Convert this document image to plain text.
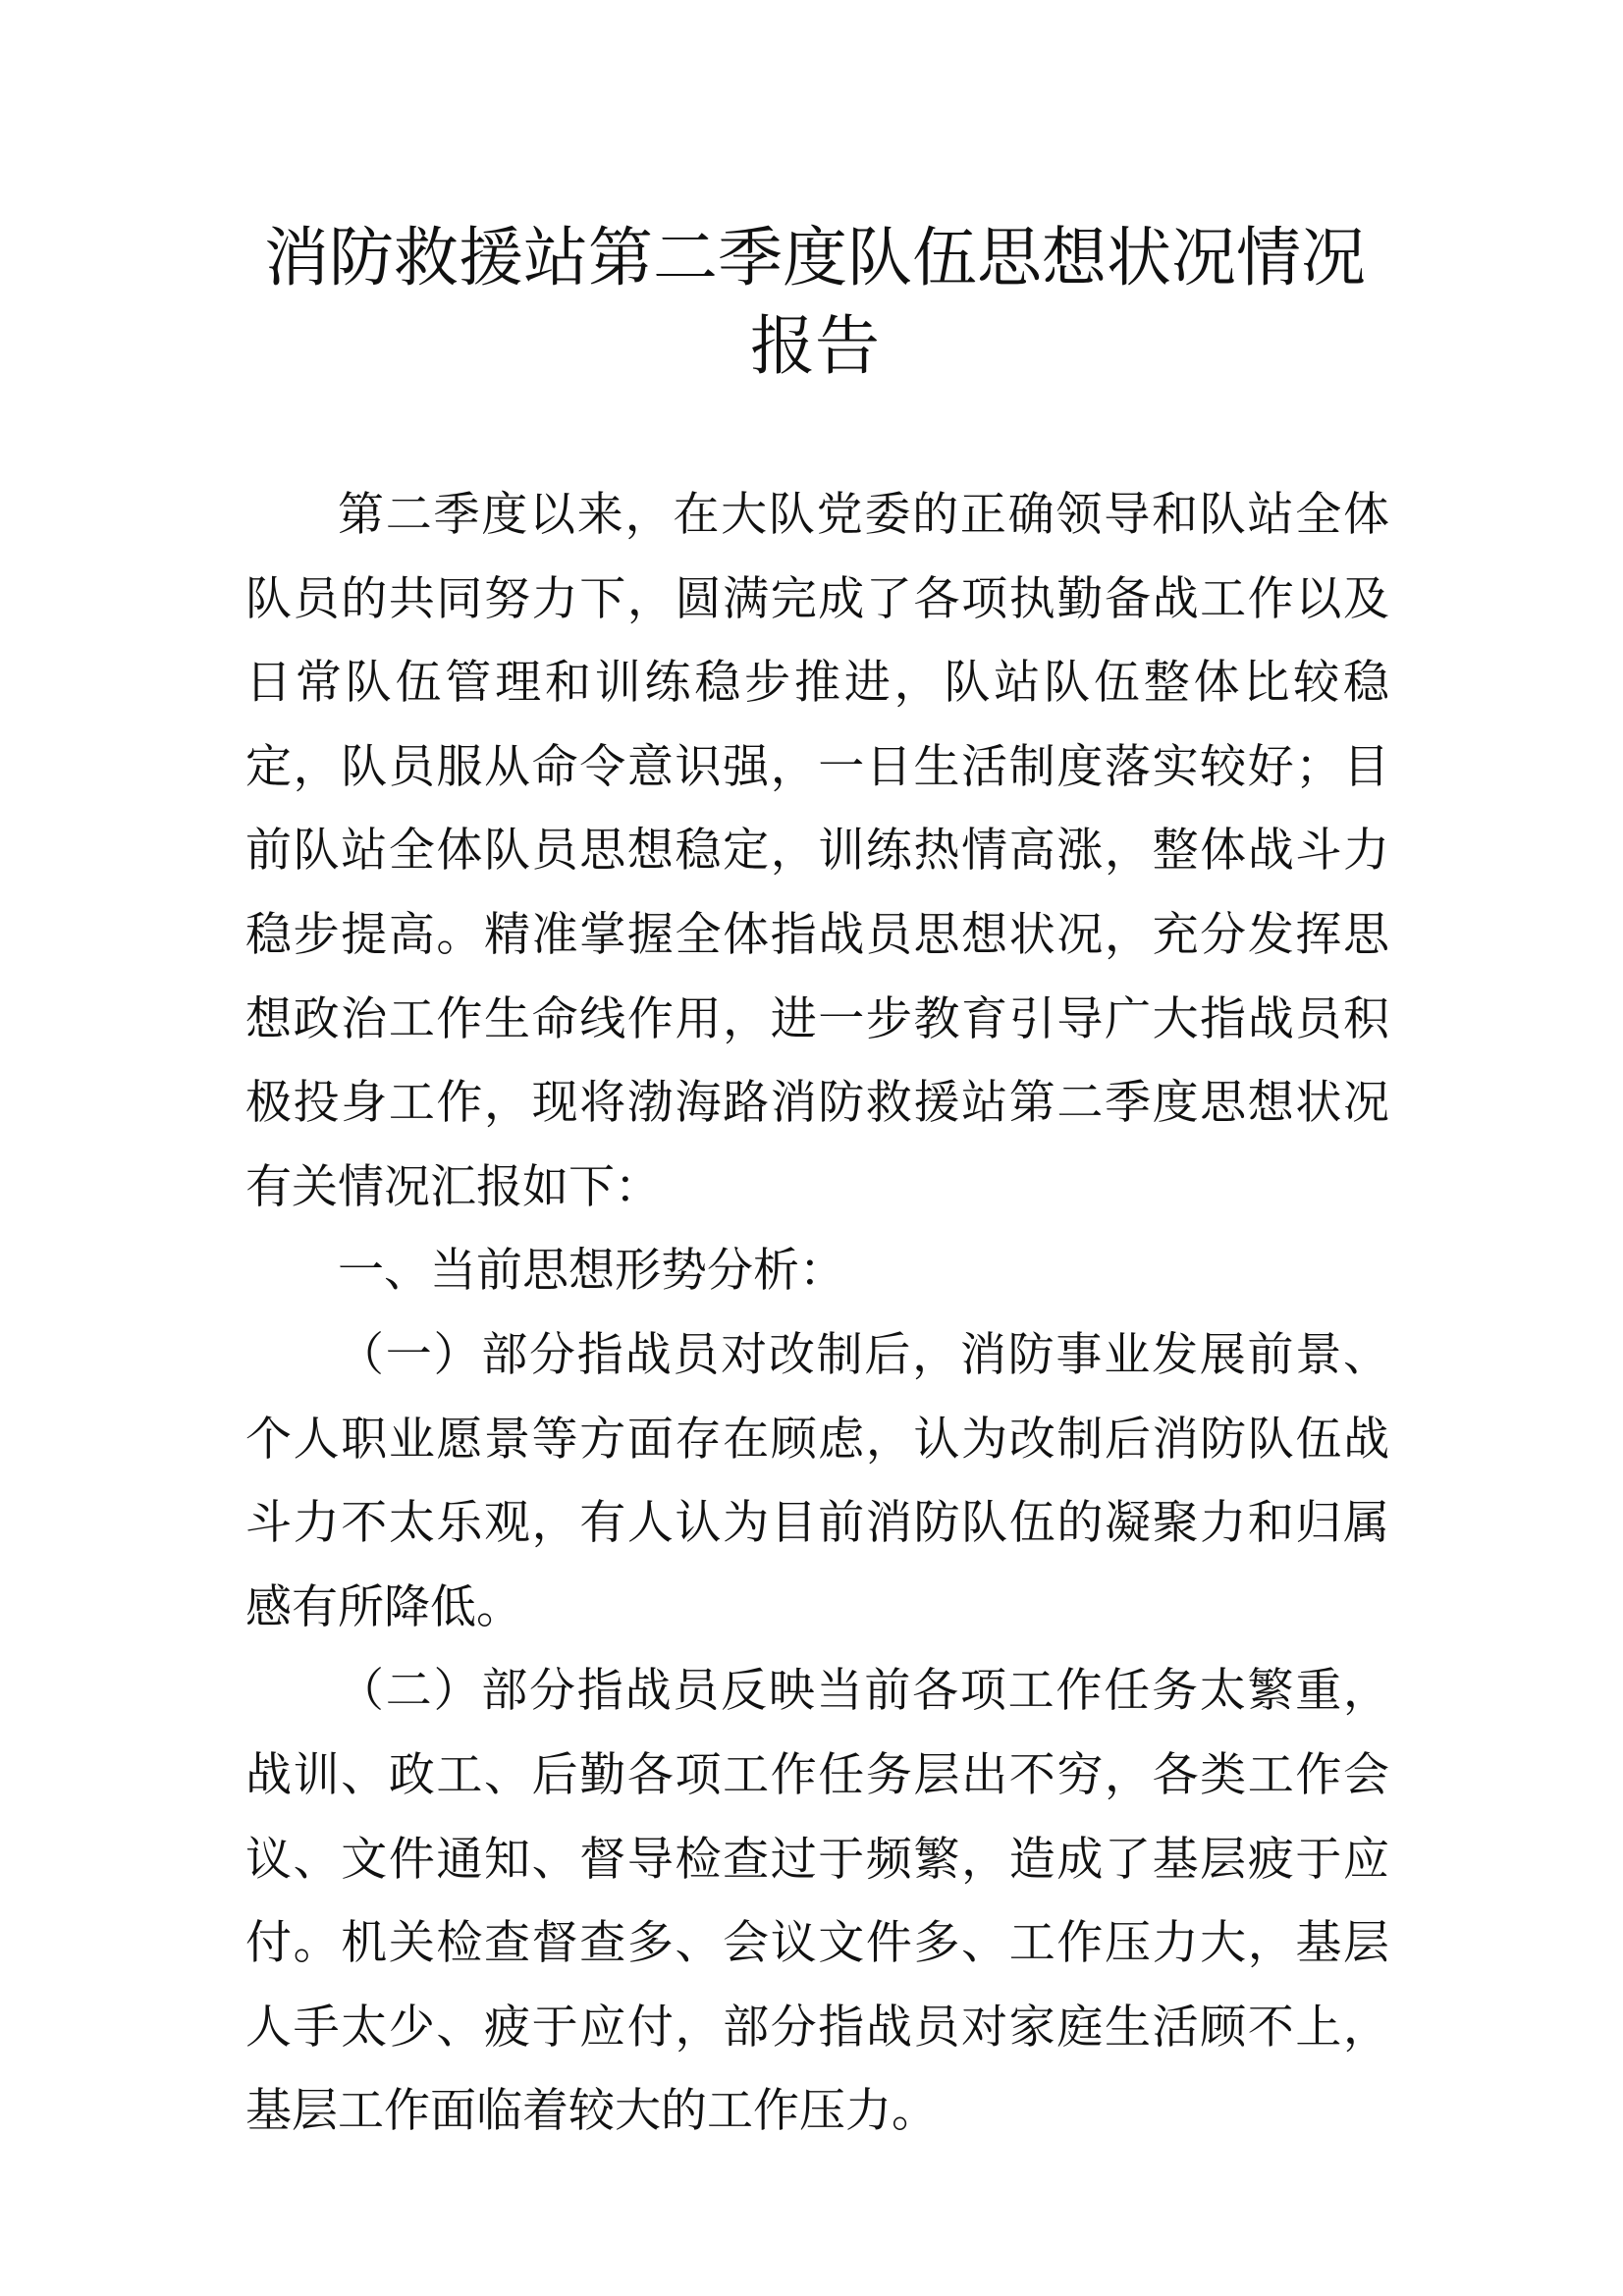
消防救援站第二季度队伍思想状况情况报告

第二季度以来，在大队党委的正确领导和队站全体队员的共同努力下，圆满完成了各项执勤备战工作以及日常队伍管理和训练稳步推进，队站队伍整体比较稳定，队员服从命令意识强，一日生活制度落实较好；目前队站全体队员思想稳定，训练热情高涨，整体战斗力稳步提高。精准掌握全体指战员思想状况，充分发挥思想政治工作生命线作用，进一步教育引导广大指战员积极投身工作，现将渤海路消防救援站第二季度思想状况有关情况汇报如下：

一、当前思想形势分析：

（一）部分指战员对改制后，消防事业发展前景、个人职业愿景等方面存在顾虑，认为改制后消防队伍战斗力不太乐观，有人认为目前消防队伍的凝聚力和归属感有所降低。

（二）部分指战员反映当前各项工作任务太繁重，战训、政工、后勤各项工作任务层出不穷，各类工作会议、文件通知、督导检查过于频繁，造成了基层疲于应付。机关检查督查多、会议文件多、工作压力大，基层人手太少、疲于应付，部分指战员对家庭生活顾不上，基层工作面临着较大的工作压力。
